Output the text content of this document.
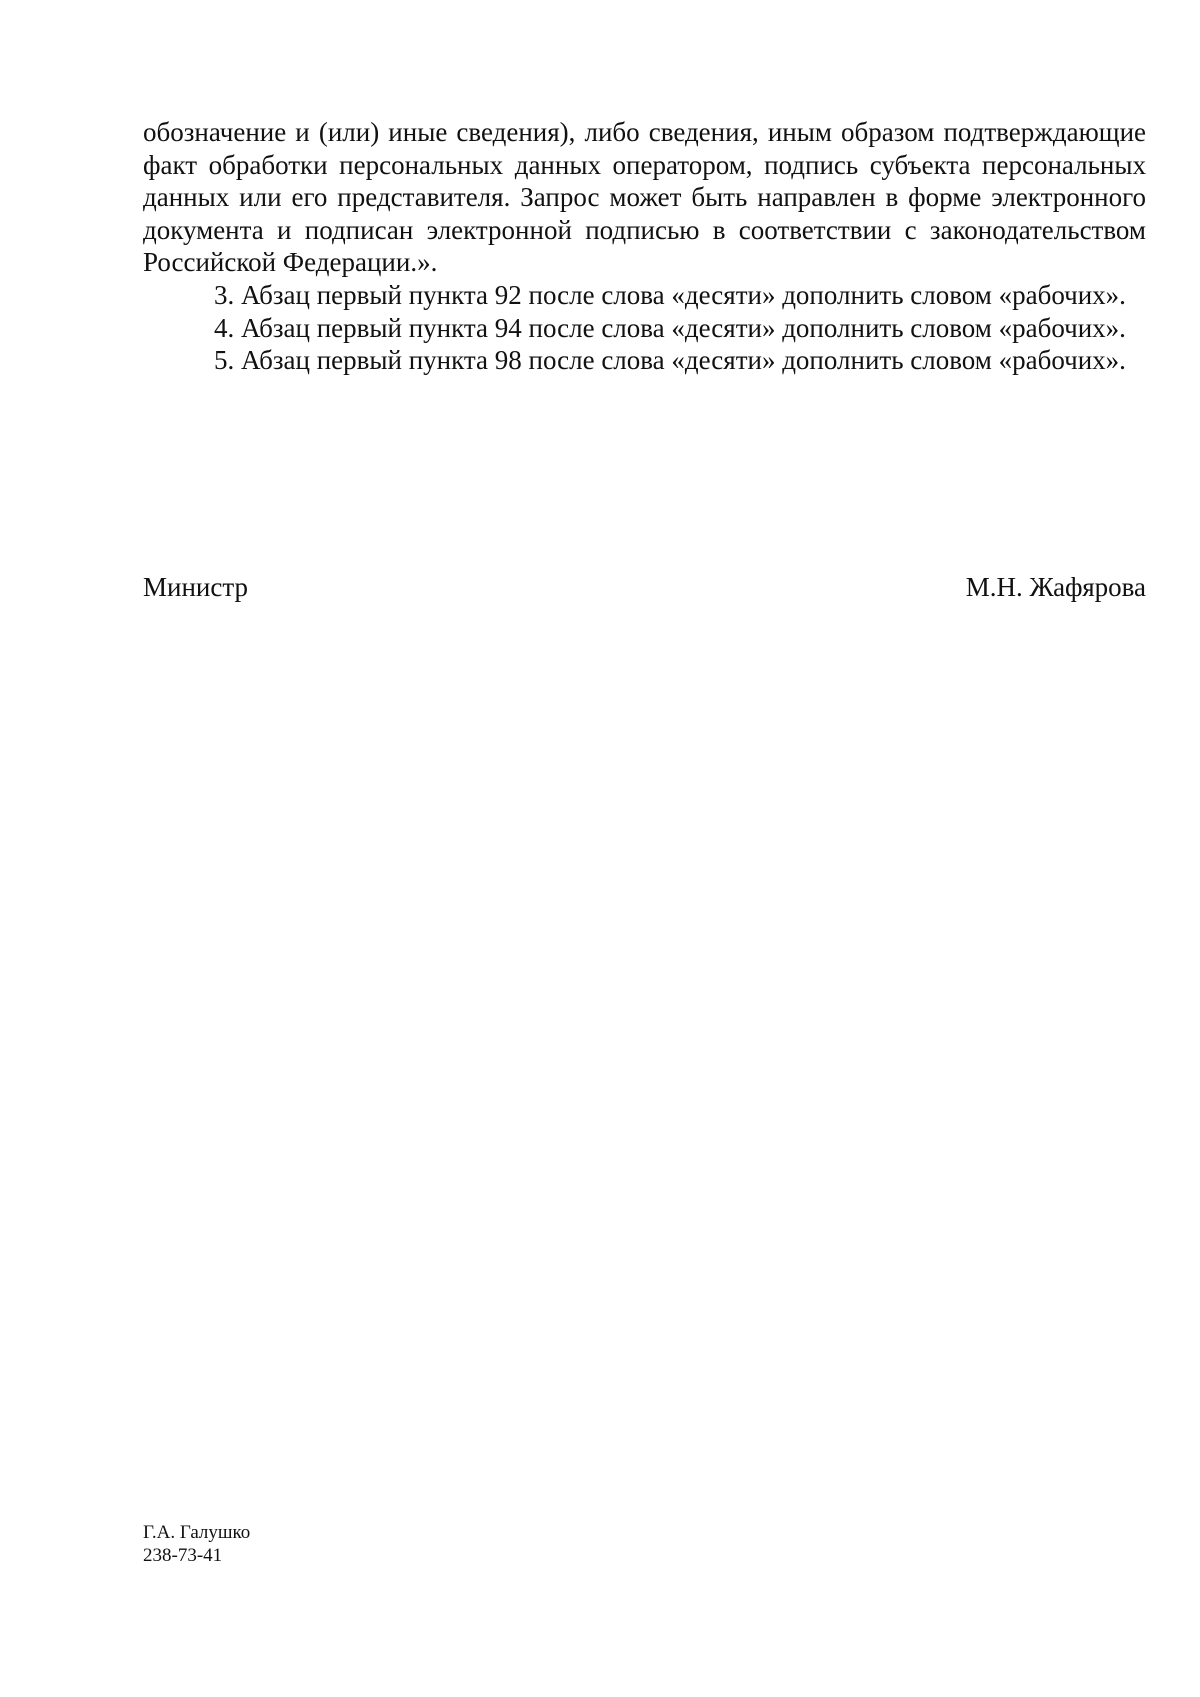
обозначение и (или) иные сведения), либо сведения, иным образом подтверждающие факт обработки персональных данных оператором, подпись субъекта персональных данных или его представителя. Запрос может быть направлен в форме электронного документа и подписан электронной подписью в соответствии с законодательством Российской Федерации.».

3. Абзац первый пункта 92 после слова «десяти» дополнить словом «рабочих».

4. Абзац первый пункта 94 после слова «десяти» дополнить словом «рабочих».

5. Абзац первый пункта 98 после слова «десяти» дополнить словом «рабочих».

Министр	М.Н. Жафярова
Г.А. Галушко
238-73-41
